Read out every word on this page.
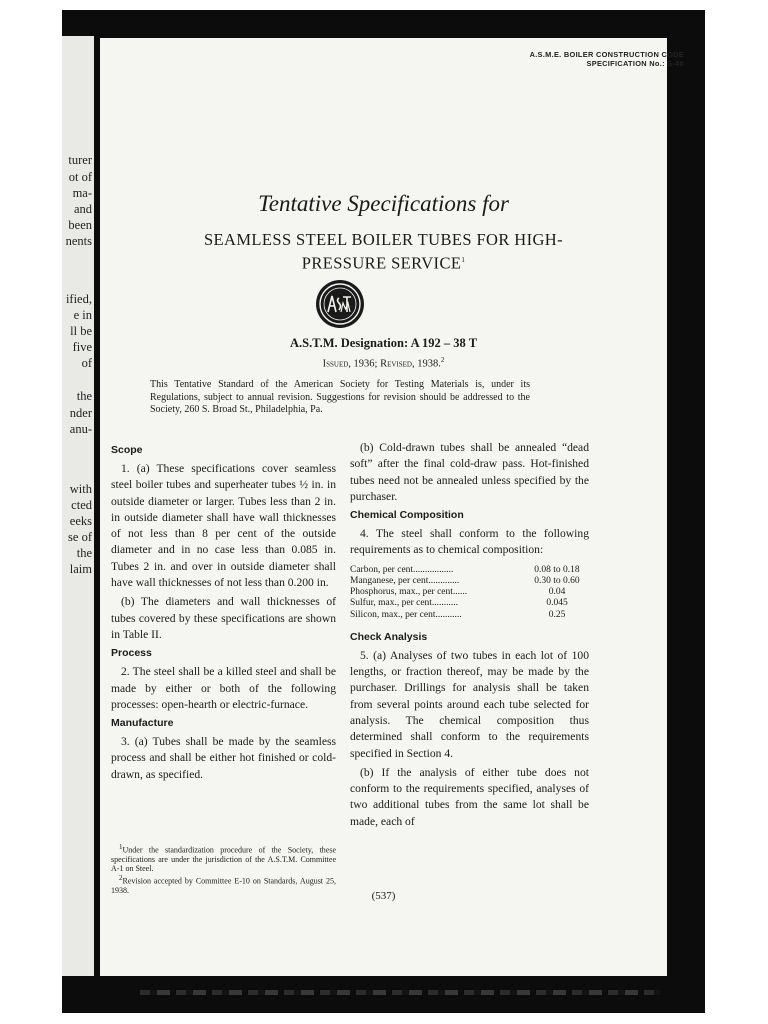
turer
ot of
ma-
and
been
nents
ified,
e in
ll be
five
of
the
nder
anu-
with
cted
eeks
se of
the
laim
A.S.M.E. BOILER CONSTRUCTION CODE
SPECIFICATION No.: S-40
Tentative Specifications for
SEAMLESS STEEL BOILER TUBES FOR HIGH-
PRESSURE SERVICE$^1$
A.S.T.M. Designation: A 192 – 38 T
Issued, 1936; Revised, 1938.$^2$
This Tentative Standard of the American Society for Testing Materials is, under its Regulations, subject to annual revision. Suggestions for revision should be addressed to the Society, 260 S. Broad St., Philadelphia, Pa.
Scope

1. (a) These specifications cover seamless steel boiler tubes and superheater tubes ½ in. in outside diameter or larger. Tubes less than 2 in. in outside diameter shall have wall thicknesses of not less than 8 per cent of the outside diameter and in no case less than 0.085 in. Tubes 2 in. and over in outside diameter shall have wall thicknesses of not less than 0.200 in.

(b) The diameters and wall thicknesses of tubes covered by these specifications are shown in Table II.

Process

2. The steel shall be a killed steel and shall be made by either or both of the following processes: open-hearth or electric-furnace.

Manufacture

3. (a) Tubes shall be made by the seamless process and shall be either hot finished or cold-drawn, as specified.

$^1$Under the standardization procedure of the Society, these specifications are under the jurisdiction of the A.S.T.M. Committee A-1 on Steel.

$^2$Revision accepted by Committee E-10 on Standards, August 25, 1938.

(b) Cold-drawn tubes shall be annealed “dead soft” after the final cold-draw pass. Hot-finished tubes need not be annealed unless specified by the purchaser.

Chemical Composition

4. The steel shall conform to the following requirements as to chemical composition:

Carbon, per cent.................	0.08 to 0.18
Manganese, per cent.............	0.30 to 0.60
Phosphorus, max., per cent......	0.04
Sulfur, max., per cent...........	0.045
Silicon, max., per cent...........	0.25
Check Analysis

5. (a) Analyses of two tubes in each lot of 100 lengths, or fraction thereof, may be made by the purchaser. Drillings for analysis shall be taken from several points around each tube selected for analysis. The chemical composition thus determined shall conform to the requirements specified in Section 4.

(b) If the analysis of either tube does not conform to the requirements specified, analyses of two additional tubes from the same lot shall be made, each of

(537)
